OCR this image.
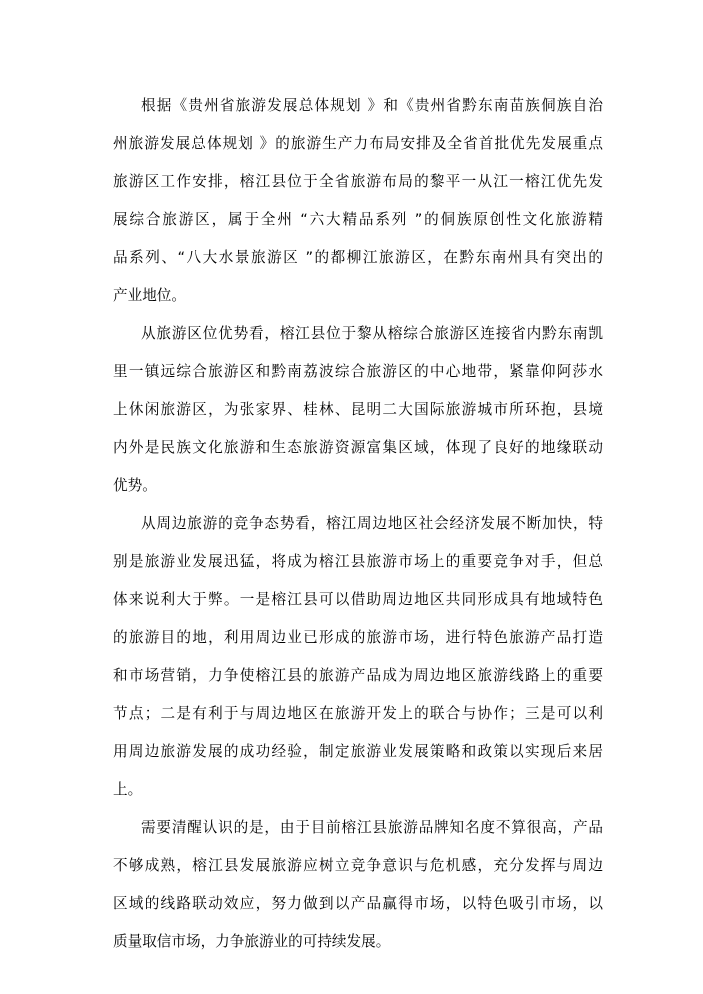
根据《贵州省旅游发展总体规划 》和《贵州省黔东南苗族侗族自治
州旅游发展总体规划 》的旅游生产力布局安排及全省首批优先发展重点
旅游区工作安排，榕江县位于全省旅游布局的黎平一从江一榕江优先发
展综合旅游区，属于全州 “六大精品系列 ”的侗族原创性文化旅游精
品系列、“八大水景旅游区 ”的都柳江旅游区，在黔东南州具有突出的
产业地位。
从旅游区位优势看，榕江县位于黎从榕综合旅游区连接省内黔东南凯
里一镇远综合旅游区和黔南荔波综合旅游区的中心地带，紧靠仰阿莎水
上休闲旅游区，为张家界、桂林、昆明二大国际旅游城市所环抱，县境
内外是民族文化旅游和生态旅游资源富集区域，体现了良好的地缘联动
优势。
从周边旅游的竞争态势看，榕江周边地区社会经济发展不断加快，特
别是旅游业发展迅猛，将成为榕江县旅游市场上的重要竞争对手，但总
体来说利大于弊。一是榕江县可以借助周边地区共同形成具有地域特色
的旅游目的地，利用周边业已形成的旅游市场，进行特色旅游产品打造
和市场营销，力争使榕江县的旅游产品成为周边地区旅游线路上的重要
节点；二是有利于与周边地区在旅游开发上的联合与协作；三是可以利
用周边旅游发展的成功经验，制定旅游业发展策略和政策以实现后来居
上。
需要清醒认识的是，由于目前榕江县旅游品牌知名度不算很高，产品
不够成熟，榕江县发展旅游应树立竞争意识与危机感，充分发挥与周边
区域的线路联动效应，努力做到以产品赢得市场，以特色吸引市场，以
质量取信市场，力争旅游业的可持续发展。
